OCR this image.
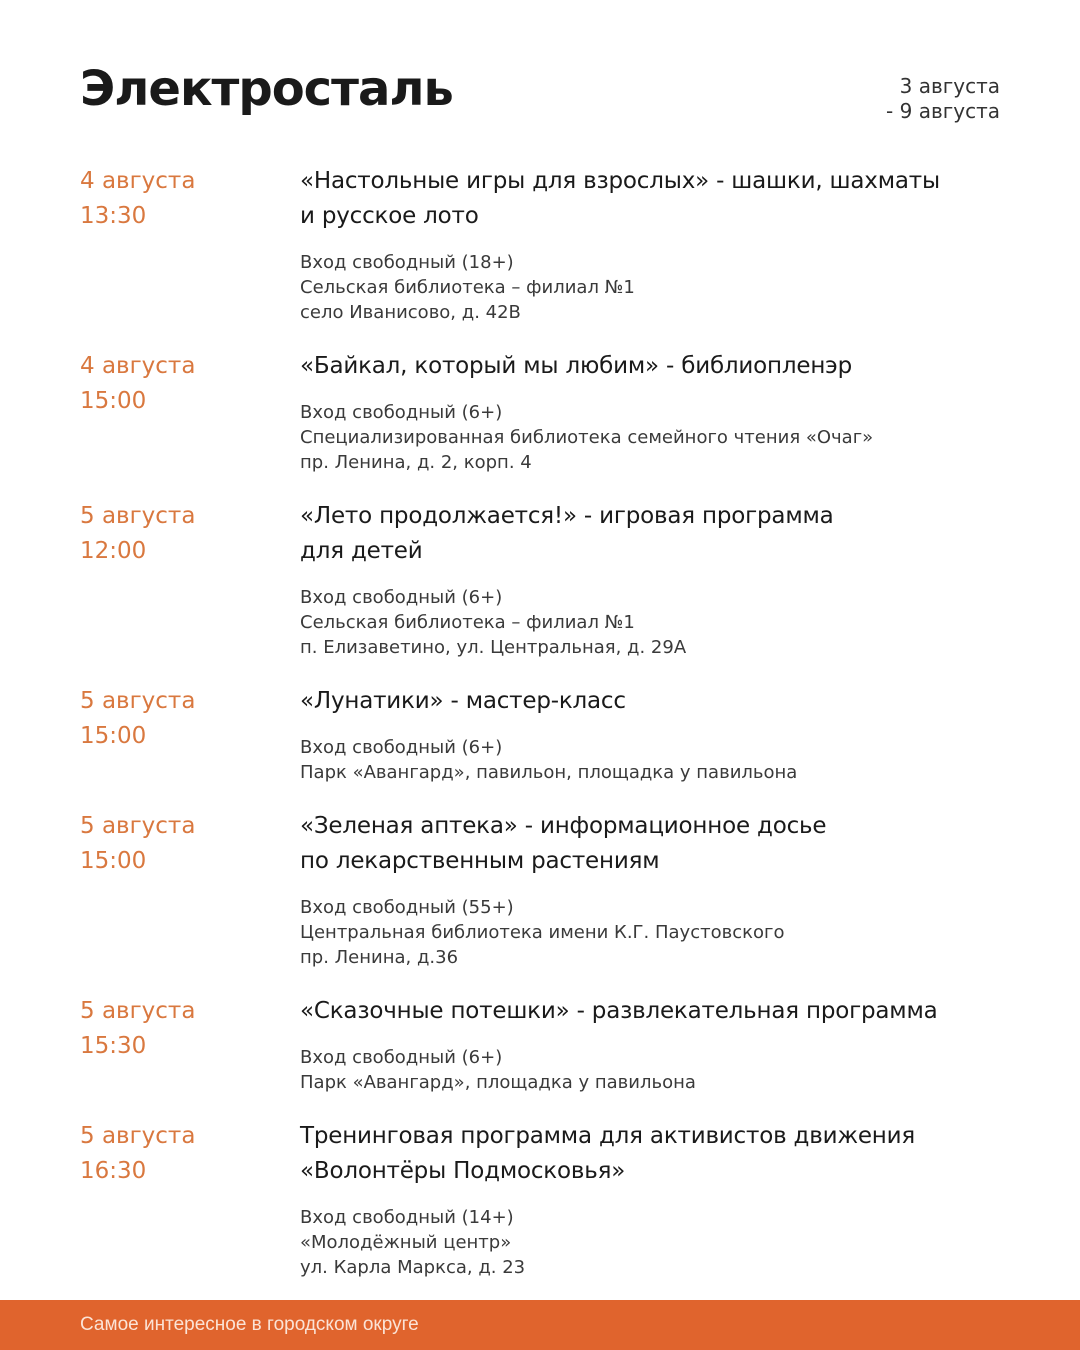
Электросталь	3 августа
- 9 августа
4 августа
13:30
«Настольные игры для взрослых» - шашки, шахматы
и русское лото
Вход свободный (18+)
Сельская библиотека – филиал №1
село Иванисово, д. 42В
4 августа
15:00
«Байкал, который мы любим» - библиопленэр
Вход свободный (6+)
Специализированная библиотека семейного чтения «Очаг»
пр. Ленина, д. 2, корп. 4
5 августа
12:00
«Лето продолжается!» - игровая программа
для детей
Вход свободный (6+)
Сельская библиотека – филиал №1
п. Елизаветино, ул. Центральная, д. 29А
5 августа
15:00
«Лунатики» - мастер-класс
Вход свободный (6+)
Парк «Авангард», павильон, площадка у павильона
5 августа
15:00
«Зеленая аптека» - информационное досье
по лекарственным растениям
Вход свободный (55+)
Центральная библиотека имени К.Г. Паустовского
пр. Ленина, д.36
5 августа
15:30
«Сказочные потешки» - развлекательная программа
Вход свободный (6+)
Парк «Авангард», площадка у павильона
5 августа
16:30
Тренинговая программа для активистов движения
«Волонтёры Подмосковья»
Вход свободный (14+)
«Молодёжный центр»
ул. Карла Маркса, д. 23
Самое интересное в городском округе
